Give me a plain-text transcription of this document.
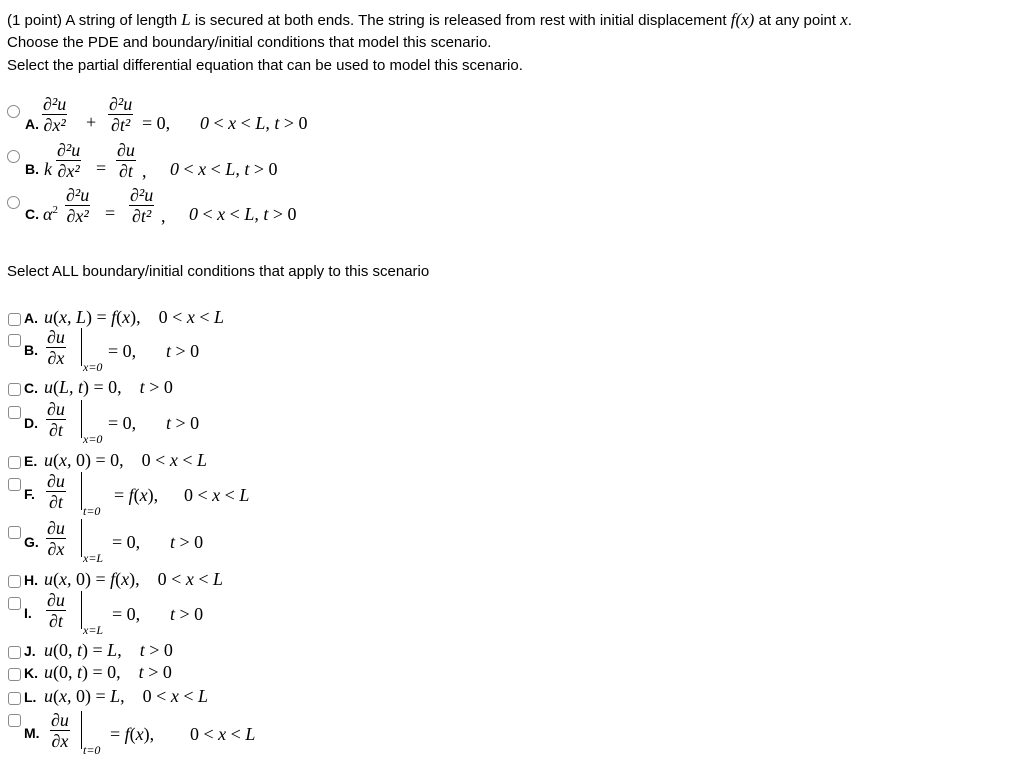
(1 point) A string of length L is secured at both ends. The string is released from rest with initial displacement f(x) at any point x.
Choose the PDE and boundary/initial conditions that model this scenario.
Select the partial differential equation that can be used to model this scenario.
A. $\frac{\text{∂²u}}{\text{∂x²}} + \frac{\text{∂²u}}{\text{∂t²}} = 0$, 0 < x < L, t > 0
B. k $\frac{\text{∂²u}}{\text{∂x²}} = \frac{\partial u}{\partial t}$ , 0 < x < L, t > 0
C. $\alpha^2 \frac{\text{∂²u}}{\text{∂x²}} = \frac{\text{∂²u}}{\text{∂t²}}$ , 0 < x < L, t > 0
Select ALL boundary/initial conditions that apply to this scenario
A. u(x, L) = f(x), 0 < x < L
B. $\frac{\partial u}{\partial x} x=0$
= 0, t > 0
C. u(L, t) = 0,    t > 0
D. $\frac{\partial u}{\partial t} x=0$
= 0, t > 0
E. u(x, 0) = 0, 0 < x < L
F. $\frac{\partial u}{\partial t} t=0$
= f(x), 0 < x < L
G. $\frac{\partial u}{\partial x} x=L$
= 0, t > 0
H. u(x, 0) = f(x), 0 < x < L
I. $\frac{\partial u}{\partial t} x=L$
= 0, t > 0
J. u(0, t) = L,    t > 0
K. u(0, t) = 0,    t > 0
L. u(x, 0) = L, 0 < x < L
M. $\frac{\partial u}{\partial x} t=0$
= f(x), 0 < x < L
